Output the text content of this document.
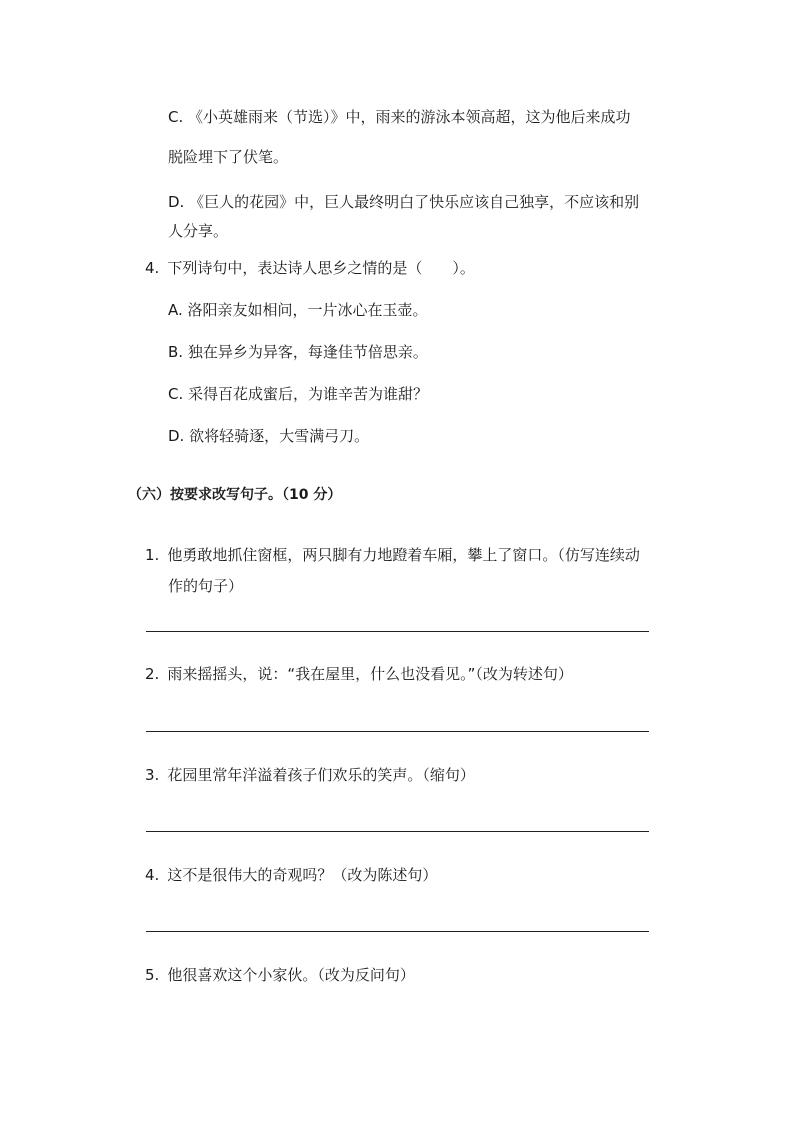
C. 《小英雄雨来（节选）》中，雨来的游泳本领高超，这为他后来成功
脱险埋下了伏笔。
D. 《巨人的花园》中，巨人最终明白了快乐应该自己独享，不应该和别
人分享。
4. 下列诗句中，表达诗人思乡之情的是（　　）。
A. 洛阳亲友如相问，一片冰心在玉壶。
B. 独在异乡为异客，每逢佳节倍思亲。
C. 采得百花成蜜后，为谁辛苦为谁甜？
D. 欲将轻骑逐，大雪满弓刀。
（六）按要求改写句子。（10 分）
1. 他勇敢地抓住窗框，两只脚有力地蹬着车厢，攀上了窗口。（仿写连续动
作的句子）
2. 雨来摇摇头，说：“我在屋里，什么也没看见。”（改为转述句）
3. 花园里常年洋溢着孩子们欢乐的笑声。（缩句）
4. 这不是很伟大的奇观吗？（改为陈述句）
5. 他很喜欢这个小家伙。（改为反问句）
